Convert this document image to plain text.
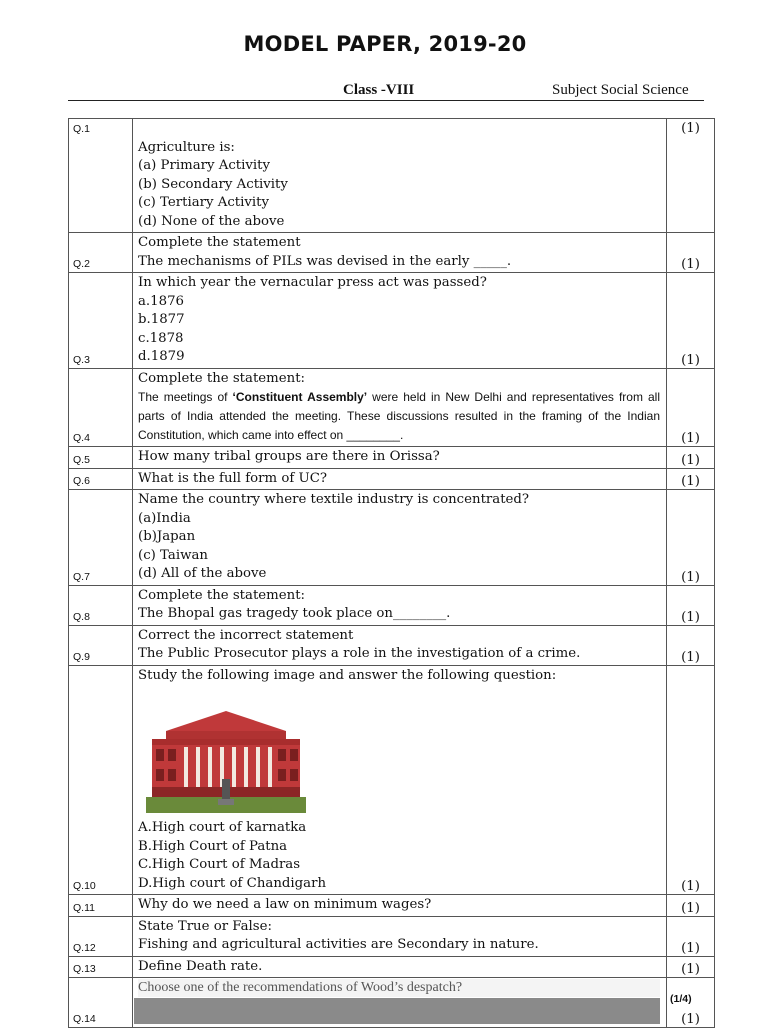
MODEL PAPER, 2019-20
Class -VIII	Subject Social Science
Q.1	Agriculture is:
(a) Primary Activity
(b) Secondary Activity
(c) Tertiary Activity
(d) None of the above	(1)
Q.2	Complete the statement
The mechanisms of PILs was devised in the early _____.	(1)
Q.3	In which year the vernacular press act was passed?
a.1876
b.1877
c.1878
d.1879	(1)
Q.4	Complete the statement:
The meetings of ‘Constituent Assembly’ were held in New Delhi and representatives from all parts of India attended the meeting. These discussions resulted in the framing of the Indian Constitution, which came into effect on ________.	(1)
Q.5	How many tribal groups are there in Orissa?	(1)
Q.6	What is the full form of UC?	(1)
Q.7	Name the country where textile industry is concentrated?
(a)India
(b)Japan
(c) Taiwan
(d) All of the above	(1)
Q.8	Complete the statement:
The Bhopal gas tragedy took place on________.	(1)
Q.9	Correct the incorrect statement
The Public Prosecutor plays a role in the investigation of a crime.	(1)
Q.10	Study the following image and answer the following question:
A.High court of karnatka
B.High Court of Patna
C.High Court of Madras
D.High court of Chandigarh	(1)
Q.11	Why do we need a law on minimum wages?	(1)
Q.12	State True or False:
Fishing and agricultural activities are Secondary in nature.	(1)
Q.13	Define Death rate.	(1)
Q.14	Choose one of the recommendations of Wood’s despatch?	(1)
(1/4)
